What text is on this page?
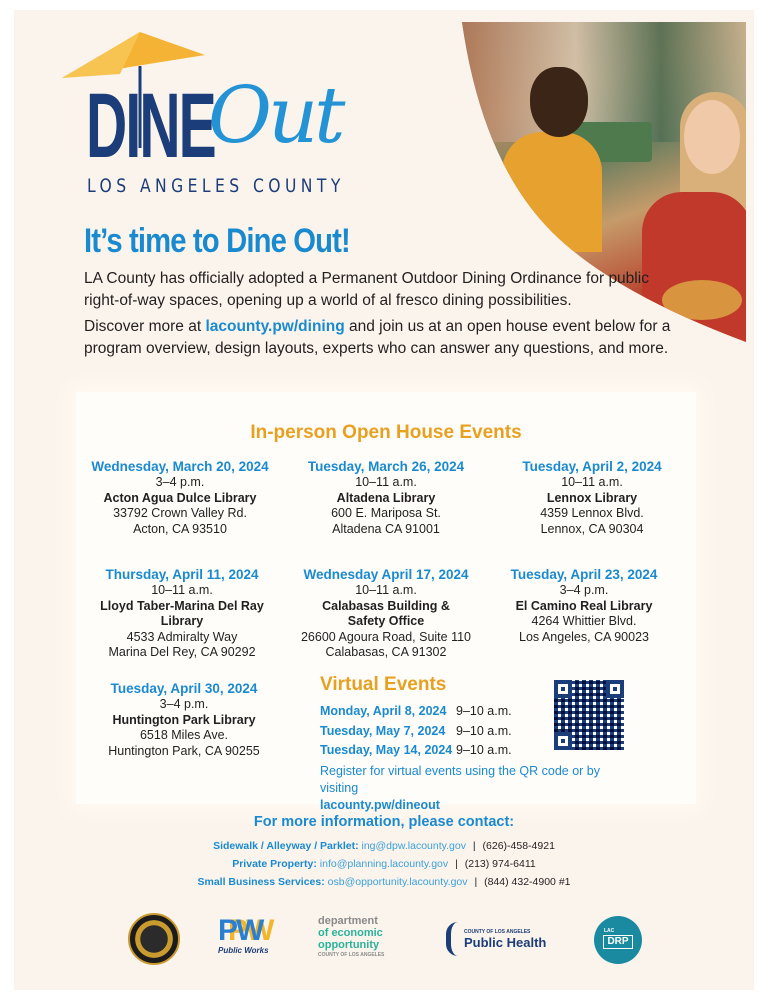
DINE
Out
LOS ANGELES COUNTY
It’s time to Dine Out!

LA County has officially adopted a Permanent Outdoor Dining Ordinance for public right-of-way spaces, opening up a world of al fresco dining possibilities.

Discover more at lacounty.pw/dining and join us at an open house event below for a program overview, design layouts, experts who can answer any questions, and more.

In-person Open House Events
Wednesday, March 20, 2024
3–4 p.m.
Acton Agua Dulce Library
33792 Crown Valley Rd.
Acton, CA 93510
Tuesday, March 26, 2024
10–11 a.m.
Altadena Library
600 E. Mariposa St.
Altadena CA 91001
Tuesday, April 2, 2024
10–11 a.m.
Lennox Library
4359 Lennox Blvd.
Lennox, CA 90304
Thursday, April 11, 2024
10–11 a.m.
Lloyd Taber-Marina Del Ray Library
4533 Admiralty Way
Marina Del Rey, CA 90292
Wednesday April 17, 2024
10–11 a.m.
Calabasas Building & Safety Office
26600 Agoura Road, Suite 110
Calabasas, CA 91302
Tuesday, April 23, 2024
3–4 p.m.
El Camino Real Library
4264 Whittier Blvd.
Los Angeles, CA 90023
Tuesday, April 30, 2024
3–4 p.m.
Huntington Park Library
6518 Miles Ave.
Huntington Park, CA 90255
Virtual Events
Monday, April 8, 2024 9–10 a.m.
Tuesday, May 7, 2024 9–10 a.m.
Tuesday, May 14, 2024 9–10 a.m.
Register for virtual events using the QR code or by visiting
lacounty.pw/dineout
For more information, please contact:
Sidewalk / Alleyway / Parklet: ing@dpw.lacounty.gov | (626)-458-4921
Private Property: info@planning.lacounty.gov | (213) 974-6411
Small Business Services: osb@opportunity.lacounty.gov | (844) 432-4900 #1
PW
Public Works
department
of economic
opportunity
COUNTY OF LOS ANGELES
COUNTY OF LOS ANGELES
Public Health
LAC
DRP
